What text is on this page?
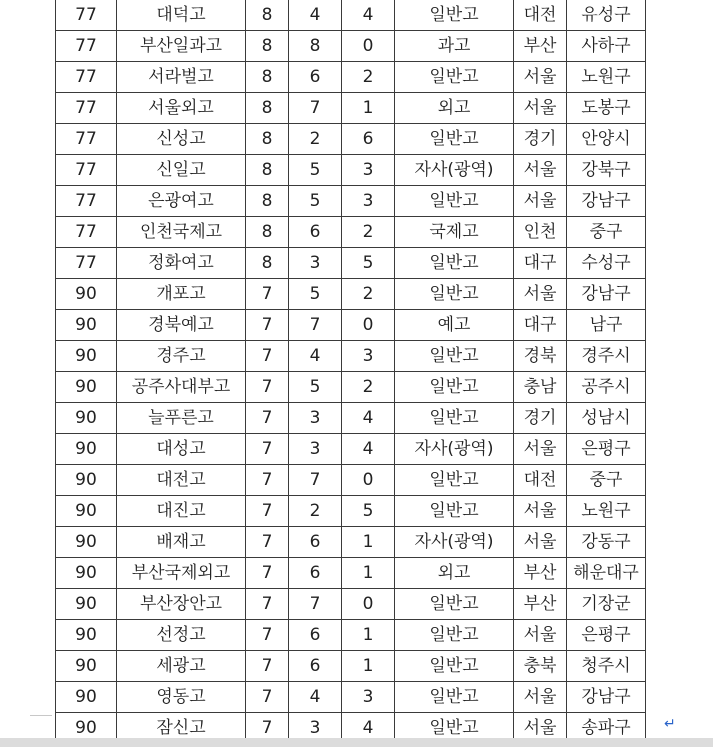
77	대덕고	8	4	4	일반고	대전	유성구
77	부산일과고	8	8	0	과고	부산	사하구
77	서라벌고	8	6	2	일반고	서울	노원구
77	서울외고	8	7	1	외고	서울	도봉구
77	신성고	8	2	6	일반고	경기	안양시
77	신일고	8	5	3	자사(광역)	서울	강북구
77	은광여고	8	5	3	일반고	서울	강남구
77	인천국제고	8	6	2	국제고	인천	중구
77	정화여고	8	3	5	일반고	대구	수성구
90	개포고	7	5	2	일반고	서울	강남구
90	경북예고	7	7	0	예고	대구	남구
90	경주고	7	4	3	일반고	경북	경주시
90	공주사대부고	7	5	2	일반고	충남	공주시
90	늘푸른고	7	3	4	일반고	경기	성남시
90	대성고	7	3	4	자사(광역)	서울	은평구
90	대전고	7	7	0	일반고	대전	중구
90	대진고	7	2	5	일반고	서울	노원구
90	배재고	7	6	1	자사(광역)	서울	강동구
90	부산국제외고	7	6	1	외고	부산	해운대구
90	부산장안고	7	7	0	일반고	부산	기장군
90	선정고	7	6	1	일반고	서울	은평구
90	세광고	7	6	1	일반고	충북	청주시
90	영동고	7	4	3	일반고	서울	강남구
90	잠신고	7	3	4	일반고	서울	송파구 ↵
